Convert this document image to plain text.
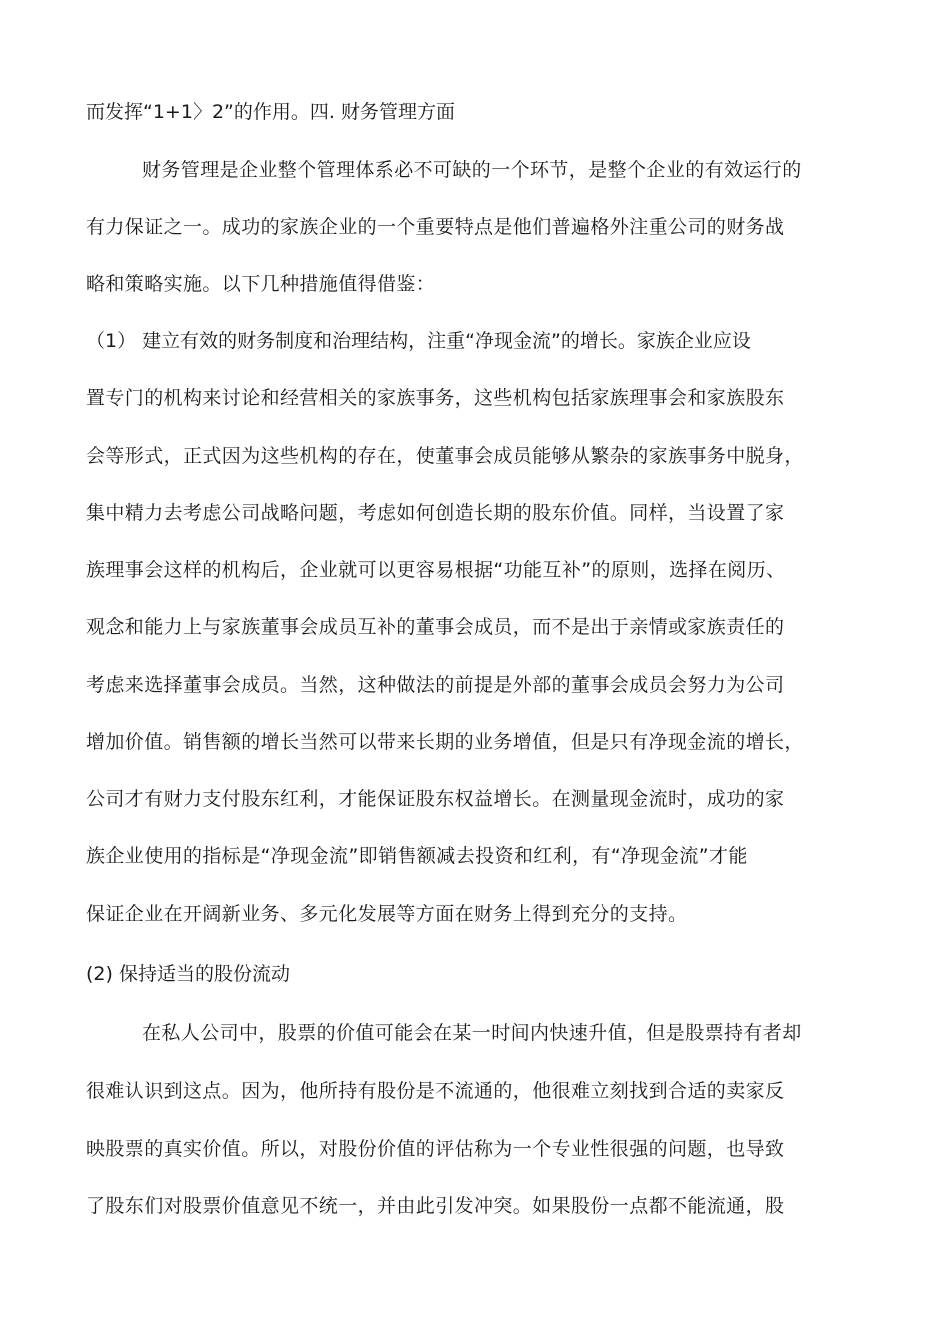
而发挥“1+1〉2”的作用。四. 财务管理方面
财务管理是企业整个管理体系必不可缺的一个环节，是整个企业的有效运行的
有力保证之一。成功的家族企业的一个重要特点是他们普遍格外注重公司的财务战
略和策略实施。以下几种措施值得借鉴：
（1） 建立有效的财务制度和治理结构，注重“净现金流”的增长。家族企业应设
置专门的机构来讨论和经营相关的家族事务，这些机构包括家族理事会和家族股东
会等形式，正式因为这些机构的存在，使董事会成员能够从繁杂的家族事务中脱身，
集中精力去考虑公司战略问题，考虑如何创造长期的股东价值。同样，当设置了家
族理事会这样的机构后，企业就可以更容易根据“功能互补”的原则，选择在阅历、
观念和能力上与家族董事会成员互补的董事会成员，而不是出于亲情或家族责任的
考虑来选择董事会成员。当然，这种做法的前提是外部的董事会成员会努力为公司
增加价值。销售额的增长当然可以带来长期的业务增值，但是只有净现金流的增长，
公司才有财力支付股东红利，才能保证股东权益增长。在测量现金流时，成功的家
族企业使用的指标是“净现金流”即销售额减去投资和红利，有“净现金流”才能
保证企业在开阔新业务、多元化发展等方面在财务上得到充分的支持。
(2) 保持适当的股份流动
在私人公司中，股票的价值可能会在某一时间内快速升值，但是股票持有者却
很难认识到这点。因为，他所持有股份是不流通的，他很难立刻找到合适的卖家反
映股票的真实价值。所以，对股份价值的评估称为一个专业性很强的问题，也导致
了股东们对股票价值意见不统一，并由此引发冲突。如果股份一点都不能流通，股
